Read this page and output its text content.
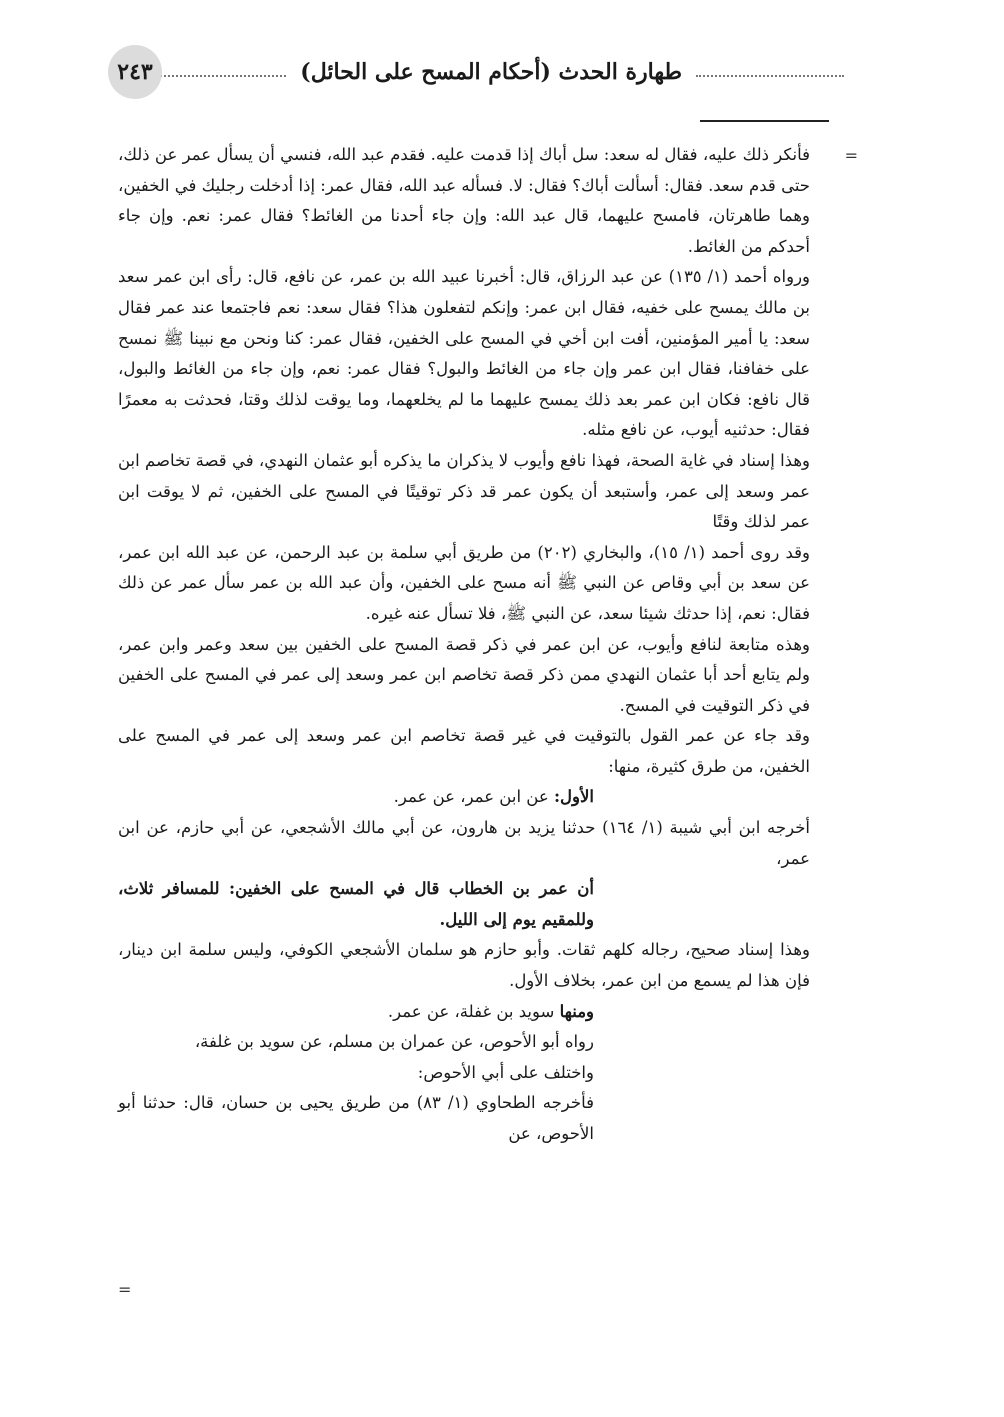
طهارة الحدث (أحكام المسح على الحائل)
٢٤٣
=
=

فأنكر ذلك عليه، فقال له سعد: سل أباك إذا قدمت عليه. فقدم عبد الله، فنسي أن يسأل عمر عن ذلك، حتى قدم سعد. فقال: أسألت أباك؟ فقال: لا. فسأله عبد الله، فقال عمر: إذا أدخلت رجليك في الخفين، وهما طاهرتان، فامسح عليهما، قال عبد الله: وإن جاء أحدنا من الغائط؟ فقال عمر: نعم. وإن جاء أحدكم من الغائط.

ورواه أحمد (١/ ١٣٥) عن عبد الرزاق، قال: أخبرنا عبيد الله بن عمر، عن نافع، قال: رأى ابن عمر سعد بن مالك يمسح على خفيه، فقال ابن عمر: وإنكم لتفعلون هذا؟ فقال سعد: نعم فاجتمعا عند عمر فقال سعد: يا أمير المؤمنين، أفت ابن أخي في المسح على الخفين، فقال عمر: كنا ونحن مع نبينا ﷺ نمسح على خفافنا، فقال ابن عمر وإن جاء من الغائط والبول؟ فقال عمر: نعم، وإن جاء من الغائط والبول، قال نافع: فكان ابن عمر بعد ذلك يمسح عليهما ما لم يخلعهما، وما يوقت لذلك وقتا، فحدثت به معمرًا فقال: حدثنيه أيوب، عن نافع مثله.

وهذا إسناد في غاية الصحة، فهذا نافع وأيوب لا يذكران ما يذكره أبو عثمان النهدي، في قصة تخاصم ابن عمر وسعد إلى عمر، وأستبعد أن يكون عمر قد ذكر توقيتًا في المسح على الخفين، ثم لا يوقت ابن عمر لذلك وقتًا

وقد روى أحمد (١/ ١٥)، والبخاري (٢٠٢) من طريق أبي سلمة بن عبد الرحمن، عن عبد الله ابن عمر، عن سعد بن أبي وقاص عن النبي ﷺ أنه مسح على الخفين، وأن عبد الله بن عمر سأل عمر عن ذلك فقال: نعم، إذا حدثك شيئا سعد، عن النبي ﷺ، فلا تسأل عنه غيره.

وهذه متابعة لنافع وأيوب، عن ابن عمر في ذكر قصة المسح على الخفين بين سعد وعمر وابن عمر، ولم يتابع أحد أبا عثمان النهدي ممن ذكر قصة تخاصم ابن عمر وسعد إلى عمر في المسح على الخفين في ذكر التوقيت في المسح.

وقد جاء عن عمر القول بالتوقيت في غير قصة تخاصم ابن عمر وسعد إلى عمر في المسح على الخفين، من طرق كثيرة، منها:

الأول: عن ابن عمر، عن عمر.

أخرجه ابن أبي شيبة (١/ ١٦٤) حدثنا يزيد بن هارون، عن أبي مالك الأشجعي، عن أبي حازم، عن ابن عمر،

أن عمر بن الخطاب قال في المسح على الخفين: للمسافر ثلاث، وللمقيم يوم إلى الليل.

وهذا إسناد صحيح، رجاله كلهم ثقات. وأبو حازم هو سلمان الأشجعي الكوفي، وليس سلمة ابن دينار، فإن هذا لم يسمع من ابن عمر، بخلاف الأول.

ومنها سويد بن غفلة، عن عمر.

رواه أبو الأحوص، عن عمران بن مسلم، عن سويد بن غلفة،

واختلف على أبي الأحوص:

فأخرجه الطحاوي (١/ ٨٣) من طريق يحيى بن حسان، قال: حدثنا أبو الأحوص، عن
